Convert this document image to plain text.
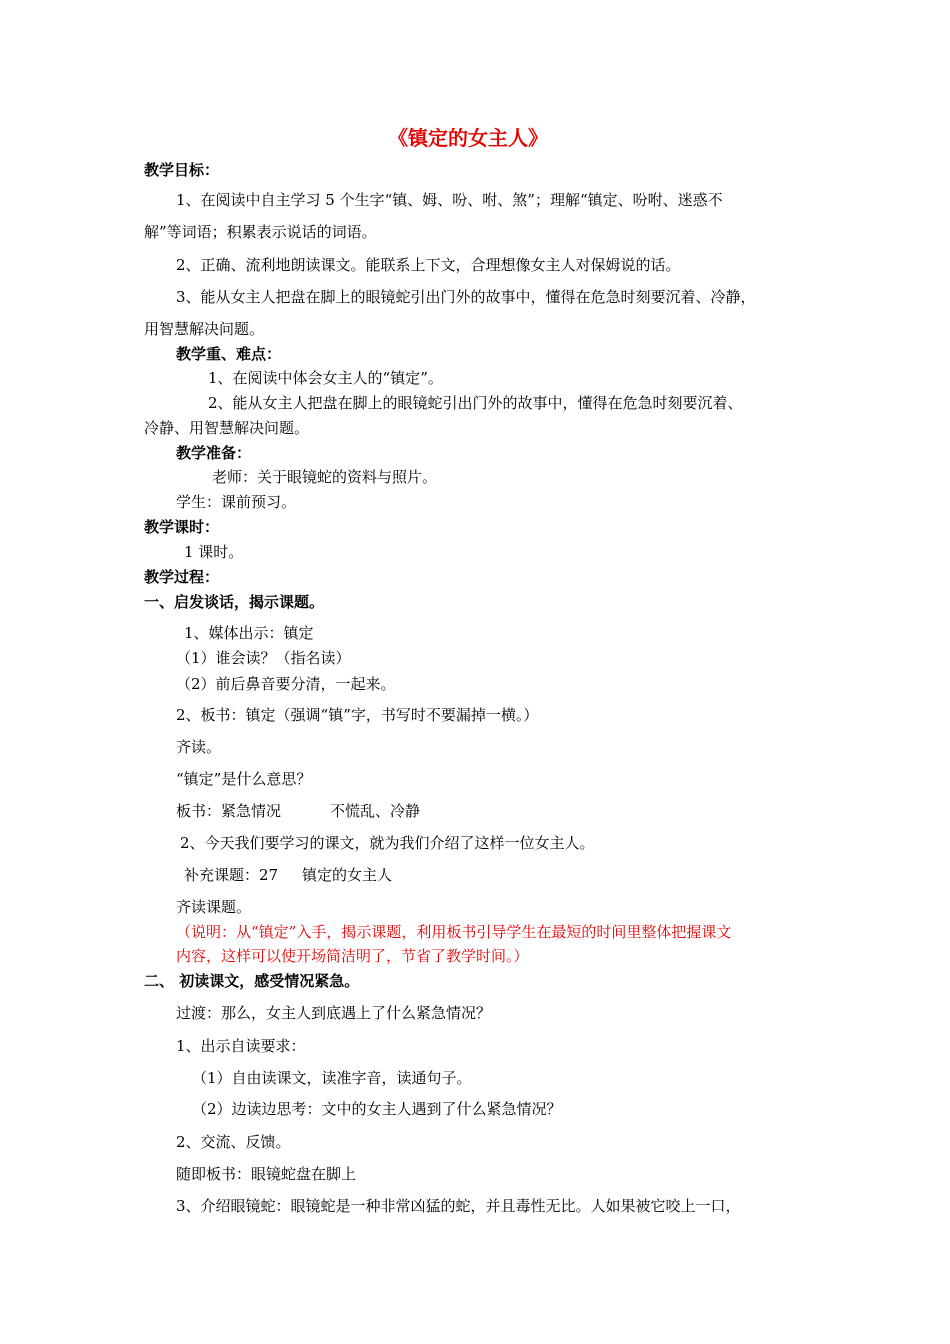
《镇定的女主人》
教学目标：
1、在阅读中自主学习 5 个生字“镇、姆、吩、咐、煞”；理解“镇定、吩咐、迷惑不
解”等词语；积累表示说话的词语。
2、正确、流利地朗读课文。能联系上下文，合理想像女主人对保姆说的话。
3、能从女主人把盘在脚上的眼镜蛇引出门外的故事中，懂得在危急时刻要沉着、冷静，
用智慧解决问题。
教学重、难点：
1、在阅读中体会女主人的“镇定”。
2、能从女主人把盘在脚上的眼镜蛇引出门外的故事中，懂得在危急时刻要沉着、
冷静、用智慧解决问题。
教学准备：
老师：关于眼镜蛇的资料与照片。
学生：课前预习。
教学课时：
1 课时。
教学过程：
一、启发谈话，揭示课题。
1、媒体出示：镇定
（1）谁会读？（指名读）
（2）前后鼻音要分清，一起来。
2、板书：镇定（强调“镇”字，书写时不要漏掉一横。）
齐读。
“镇定”是什么意思？
板书：紧急情况	不慌乱、冷静
2、今天我们要学习的课文，就为我们介绍了这样一位女主人。
补充课题：27 镇定的女主人
齐读课题。
（说明：从“镇定”入手，揭示课题，利用板书引导学生在最短的时间里整体把握课文
内容，这样可以使开场简洁明了，节省了教学时间。）
二、 初读课文，感受情况紧急。
过渡：那么，女主人到底遇上了什么紧急情况？
1、出示自读要求：
（1）自由读课文，读准字音，读通句子。
（2）边读边思考：文中的女主人遇到了什么紧急情况？
2、交流、反馈。
随即板书：眼镜蛇盘在脚上
3、介绍眼镜蛇：眼镜蛇是一种非常凶猛的蛇，并且毒性无比。人如果被它咬上一口，
